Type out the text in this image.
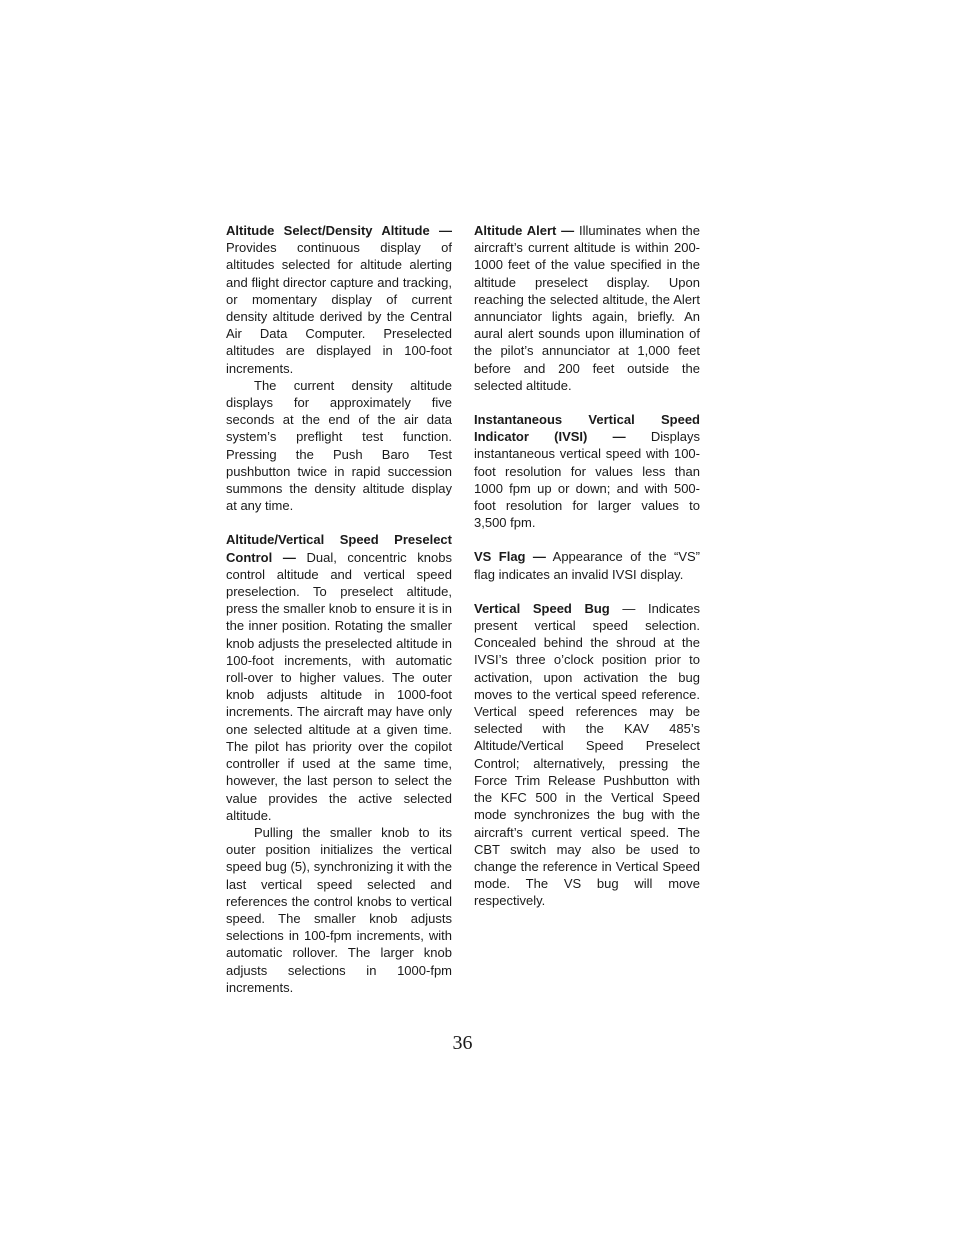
Altitude Select/Density Altitude — Provides continuous display of altitudes selected for altitude alerting and flight director capture and tracking, or momentary display of current density altitude derived by the Central Air Data Computer. Preselected altitudes are displayed in 100-foot increments.

The current density altitude displays for approximately five seconds at the end of the air data system’s preflight test function. Pressing the Push Baro Test pushbutton twice in rapid succession summons the density altitude display at any time.

Altitude/Vertical Speed Preselect Control — Dual, concentric knobs control altitude and vertical speed preselection. To preselect altitude, press the smaller knob to ensure it is in the inner position. Rotating the smaller knob adjusts the preselected altitude in 100-foot increments, with automatic roll-over to higher values. The outer knob adjusts altitude in 1000-foot increments. The aircraft may have only one selected altitude at a given time. The pilot has priority over the copilot controller if used at the same time, however, the last person to select the value provides the active selected altitude.

Pulling the smaller knob to its outer position initializes the vertical speed bug (5), synchronizing it with the last vertical speed selected and references the control knobs to vertical speed. The smaller knob adjusts selections in 100-fpm increments, with automatic rollover. The larger knob adjusts selections in 1000-fpm increments.

Altitude Alert — Illuminates when the aircraft’s current altitude is within 200-1000 feet of the value specified in the altitude preselect display. Upon reaching the selected altitude, the Alert annunciator lights again, briefly. An aural alert sounds upon illumination of the pilot’s annunciator at 1,000 feet before and 200 feet outside the selected altitude.

Instantaneous Vertical Speed Indicator (IVSI) — Displays instantaneous vertical speed with 100-foot resolution for values less than 1000 fpm up or down; and with 500-foot resolution for larger values to 3,500 fpm.

VS Flag — Appearance of the “VS” flag indicates an invalid IVSI display.

Vertical Speed Bug — Indicates present vertical speed selection. Concealed behind the shroud at the IVSI’s three o’clock position prior to activation, upon activation the bug moves to the vertical speed reference. Vertical speed references may be selected with the KAV 485’s Altitude/Vertical Speed Preselect Control; alternatively, pressing the Force Trim Release Pushbutton with the KFC 500 in the Vertical Speed mode synchronizes the bug with the aircraft’s current vertical speed. The CBT switch may also be used to change the reference in Vertical Speed mode. The VS bug will move respectively.

36
